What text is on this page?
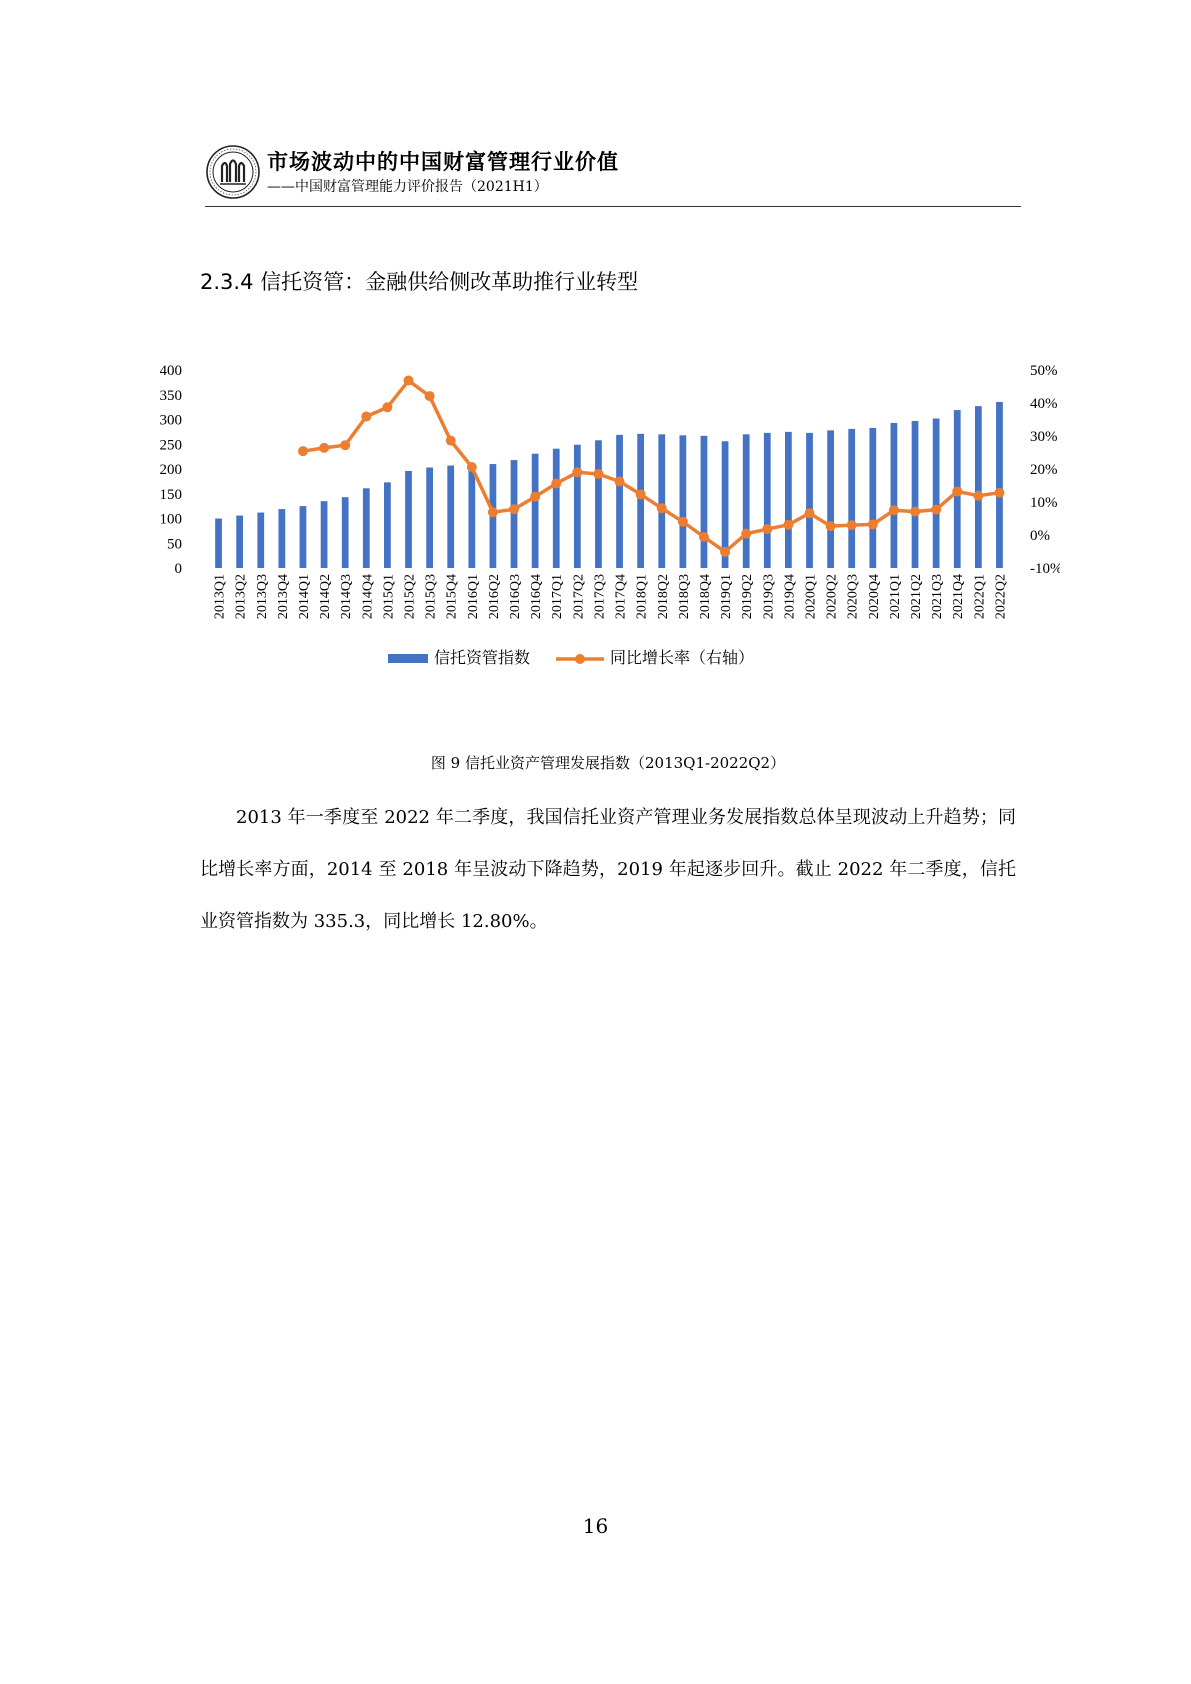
市场波动中的中国财富管理行业价值
——中国财富管理能力评价报告（2021H1）
2.3.4 信托资管：金融供给侧改革助推行业转型
0
50
100
150
200
250
300
350
400
-10%
0%
10%
20%
30%
40%
50%
2013Q1 2013Q2 2013Q3 2013Q4 2014Q1 2014Q2 2014Q3 2014Q4 2015Q1 2015Q2 2015Q3 2015Q4 2016Q1 2016Q2 2016Q3 2016Q4 2017Q1 2017Q2 2017Q3 2017Q4 2018Q1 2018Q2 2018Q3 2018Q4 2019Q1 2019Q2 2019Q3 2019Q4 2020Q1 2020Q2 2020Q3 2020Q4 2021Q1 2021Q2 2021Q3 2021Q4 2022Q1 2022Q2
信托资管指数	同比增长率（右轴）
图 9 信托业资产管理发展指数（2013Q1-2022Q2）
2013 年一季度至 2022 年二季度，我国信托业资产管理业务发展指数总体呈现波动上升趋势；同比增长率方面，2014 至 2018 年呈波动下降趋势，2019 年起逐步回升。截止 2022 年二季度，信托业资管指数为 335.3，同比增长 12.80%。
16
